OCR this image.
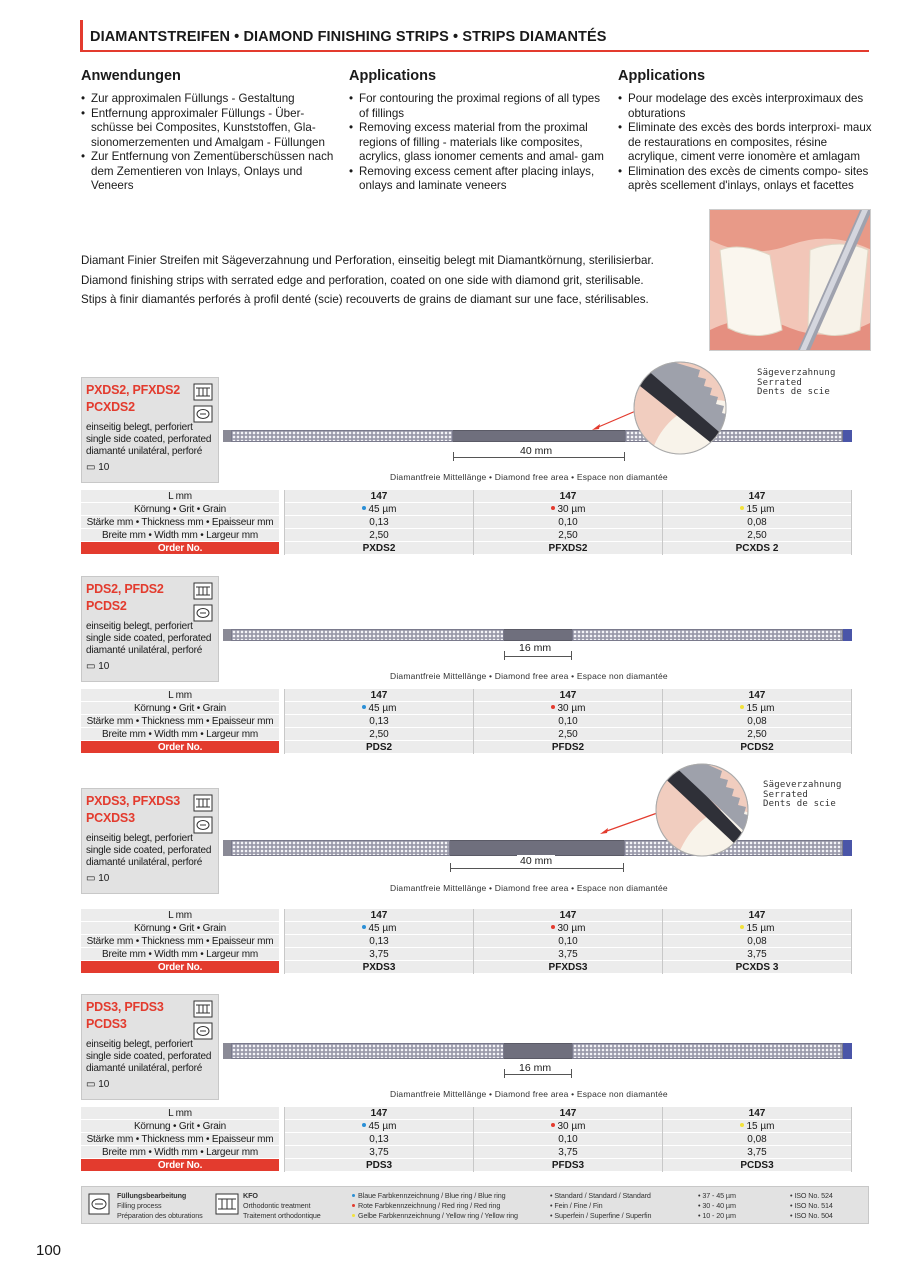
DIAMANTSTREIFEN • DIAMOND FINISHING STRIPS • STRIPS DIAMANTÉS
Anwendungen
• Zur approximalen Füllungs - Gestaltung
• Entfernung approximaler Füllungs - Über- schüsse bei Composites, Kunststoffen, Gla- sionomerzementen und Amalgam - Füllungen
• Zur Entfernung von Zementüberschüssen nach dem Zementieren von Inlays, Onlays und Veneers
Applications
• For contouring the proximal regions of all types of fillings
• Removing excess material from the proximal regions of filling - materials like composites, acrylics, glass ionomer cements and amal- gam
• Removing excess cement after placing inlays, onlays and laminate veneers
Applications
• Pour modelage des excès interproximaux des obturations
• Eliminate des excès des bords interproxi- maux de restaurations en composites, résine acrylique, ciment verre ionomère et amlagam
• Elimination des excès de ciments compo- sites après scellement d'inlays, onlays et facettes
Diamant Finier Streifen mit Sägeverzahnung und Perforation, einseitig belegt mit Diamantkörnung, sterilisierbar.
Diamond finishing strips with serrated edge and perforation, coated on one side with diamond grit, sterilisable.
Stips à finir diamantés perforés à profil denté (scie) recouverts de grains de diamant sur une face, stérilisables.
PXDS2, PFXDS2
PCXDS2
einseitig belegt, perforiert
single side coated, perforated
diamanté unilatéral, perforé
▭ 10
40 mm
Diamantfreie Mittellänge • Diamond free area • Espace non diamantée
Sägeverzahnung
Serrated
Dents de scie
L mm
Körnung • Grit • Grain
Stärke mm • Thickness mm • Epaisseur mm
Breite mm • Width mm • Largeur mm
Order No.
147
45 µm
0,13
2,50
PXDS2
147
30 µm
0,10
2,50
PFXDS2
147
15 µm
0,08
2,50
PCXDS 2
PDS2, PFDS2
PCDS2
einseitig belegt, perforiert
single side coated, perforated
diamanté unilatéral, perforé
▭ 10
16 mm
Diamantfreie Mittellänge • Diamond free area • Espace non diamantée
L mm
Körnung • Grit • Grain
Stärke mm • Thickness mm • Epaisseur mm
Breite mm • Width mm • Largeur mm
Order No.
147
45 µm
0,13
2,50
PDS2
147
30 µm
0,10
2,50
PFDS2
147
15 µm
0,08
2,50
PCDS2
PXDS3, PFXDS3
PCXDS3
einseitig belegt, perforiert
single side coated, perforated
diamanté unilatéral, perforé
▭ 10
40 mm
Diamantfreie Mittellänge • Diamond free area • Espace non diamantée
Sägeverzahnung
Serrated
Dents de scie
L mm
Körnung • Grit • Grain
Stärke mm • Thickness mm • Epaisseur mm
Breite mm • Width mm • Largeur mm
Order No.
147
45 µm
0,13
3,75
PXDS3
147
30 µm
0,10
3,75
PFXDS3
147
15 µm
0,08
3,75
PCXDS 3
PDS3, PFDS3
PCDS3
einseitig belegt, perforiert
single side coated, perforated
diamanté unilatéral, perforé
▭ 10
16 mm
Diamantfreie Mittellänge • Diamond free area • Espace non diamantée
L mm
Körnung • Grit • Grain
Stärke mm • Thickness mm • Epaisseur mm
Breite mm • Width mm • Largeur mm
Order No.
147
45 µm
0,13
3,75
PDS3
147
30 µm
0,10
3,75
PFDS3
147
15 µm
0,08
3,75
PCDS3
Füllungsbearbeitung
Filling process
Préparation des obturations
KFO
Orthodontic treatment
Traitement orthodontique
Blaue Farbkennzeichnung / Blue ring / Blue ring
Rote Farbkennzeichnung / Red ring / Red ring
Gelbe Farbkennzeichnung / Yellow ring / Yellow ring
• Standard / Standard / Standard
• Fein / Fine / Fin
• Superfein / Superfine / Superfin
• 37 - 45 µm
• 30 - 40 µm
• 10 - 20 µm
• ISO No. 524
• ISO No. 514
• ISO No. 504
100
